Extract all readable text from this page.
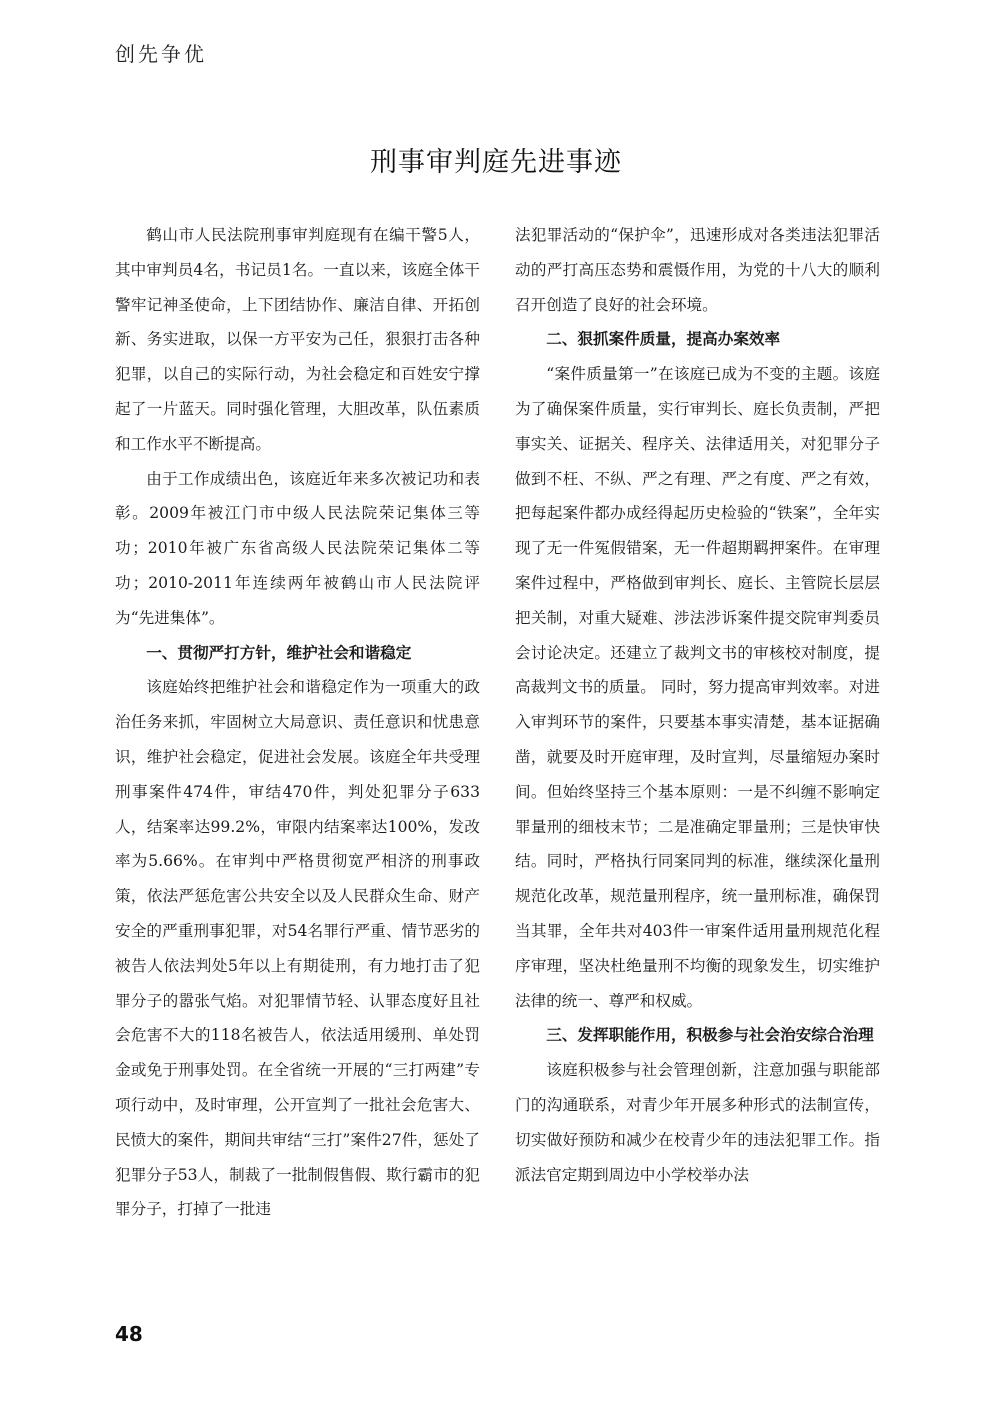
创先争优
刑事审判庭先进事迹

鹤山市人民法院刑事审判庭现有在编干警5人，其中审判员4名，书记员1名。一直以来，该庭全体干警牢记神圣使命，上下团结协作、廉洁自律、开拓创新、务实进取，以保一方平安为己任，狠狠打击各种犯罪，以自己的实际行动，为社会稳定和百姓安宁撑起了一片蓝天。同时强化管理，大胆改革，队伍素质和工作水平不断提高。

由于工作成绩出色，该庭近年来多次被记功和表彰。2009年被江门市中级人民法院荣记集体三等功；2010年被广东省高级人民法院荣记集体二等功；2010-2011年连续两年被鹤山市人民法院评为“先进集体”。

一、贯彻严打方针，维护社会和谐稳定

该庭始终把维护社会和谐稳定作为一项重大的政治任务来抓，牢固树立大局意识、责任意识和忧患意识，维护社会稳定，促进社会发展。该庭全年共受理刑事案件474件，审结470件，判处犯罪分子633人，结案率达99.2%，审限内结案率达100%，发改率为5.66%。在审判中严格贯彻宽严相济的刑事政策，依法严惩危害公共安全以及人民群众生命、财产安全的严重刑事犯罪，对54名罪行严重、情节恶劣的被告人依法判处5年以上有期徒刑，有力地打击了犯罪分子的嚣张气焰。对犯罪情节轻、认罪态度好且社会危害不大的118名被告人，依法适用缓刑、单处罚金或免于刑事处罚。在全省统一开展的“三打两建”专项行动中，及时审理，公开宣判了一批社会危害大、民愤大的案件，期间共审结“三打”案件27件，惩处了犯罪分子53人，制裁了一批制假售假、欺行霸市的犯罪分子，打掉了一批违

法犯罪活动的“保护伞”，迅速形成对各类违法犯罪活动的严打高压态势和震慑作用，为党的十八大的顺利召开创造了良好的社会环境。

二、狠抓案件质量，提高办案效率

“案件质量第一”在该庭已成为不变的主题。该庭为了确保案件质量，实行审判长、庭长负责制，严把事实关、证据关、程序关、法律适用关，对犯罪分子做到不枉、不纵、严之有理、严之有度、严之有效，把每起案件都办成经得起历史检验的“铁案”，全年实现了无一件冤假错案，无一件超期羁押案件。在审理案件过程中，严格做到审判长、庭长、主管院长层层把关制，对重大疑难、涉法涉诉案件提交院审判委员会讨论决定。还建立了裁判文书的审核校对制度，提高裁判文书的质量。 同时，努力提高审判效率。对进入审判环节的案件，只要基本事实清楚，基本证据确凿，就要及时开庭审理，及时宣判，尽量缩短办案时间。但始终坚持三个基本原则：一是不纠缠不影响定罪量刑的细枝末节；二是准确定罪量刑；三是快审快结。同时，严格执行同案同判的标准，继续深化量刑规范化改革，规范量刑程序，统一量刑标准，确保罚当其罪，全年共对403件一审案件适用量刑规范化程序审理，坚决杜绝量刑不均衡的现象发生，切实维护法律的统一、尊严和权威。

三、发挥职能作用，积极参与社会治安综合治理

该庭积极参与社会管理创新，注意加强与职能部门的沟通联系，对青少年开展多种形式的法制宣传，切实做好预防和减少在校青少年的违法犯罪工作。指派法官定期到周边中小学校举办法

48
